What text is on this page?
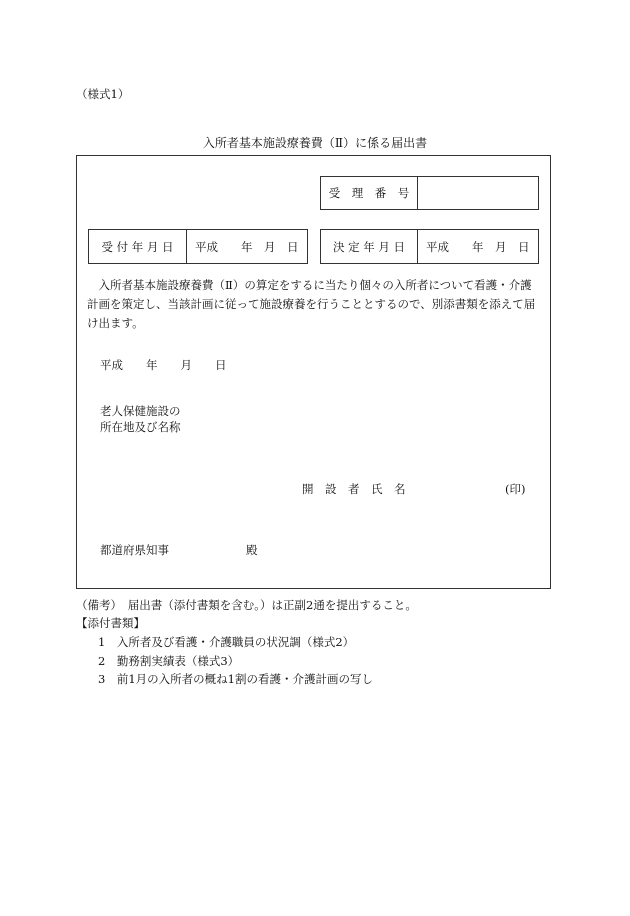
（様式1）
入所者基本施設療養費（Ⅱ）に係る届出書
受　理　番　号
受 付 年 月 日	平成　　年　月　日	決 定 年 月 日	平成　　年　月　日
入所者基本施設療養費（Ⅱ）の算定をするに当たり個々の入所者について看護・介護計画を策定し、当該計画に従って施設療養を行うこととするので、別添書類を添えて届け出ます。
平成　　年　　月　　日
老人保健施設の
所在地及び名称
開　設　者　氏　名	(印)
都道府県知事	殿
（備考）　届出書（添付書類を含む。）は正副2通を提出すること。
【添付書類】
1　入所者及び看護・介護職員の状況調（様式2）
2　勤務割実績表（様式3）
3　前1月の入所者の概ね1割の看護・介護計画の写し
